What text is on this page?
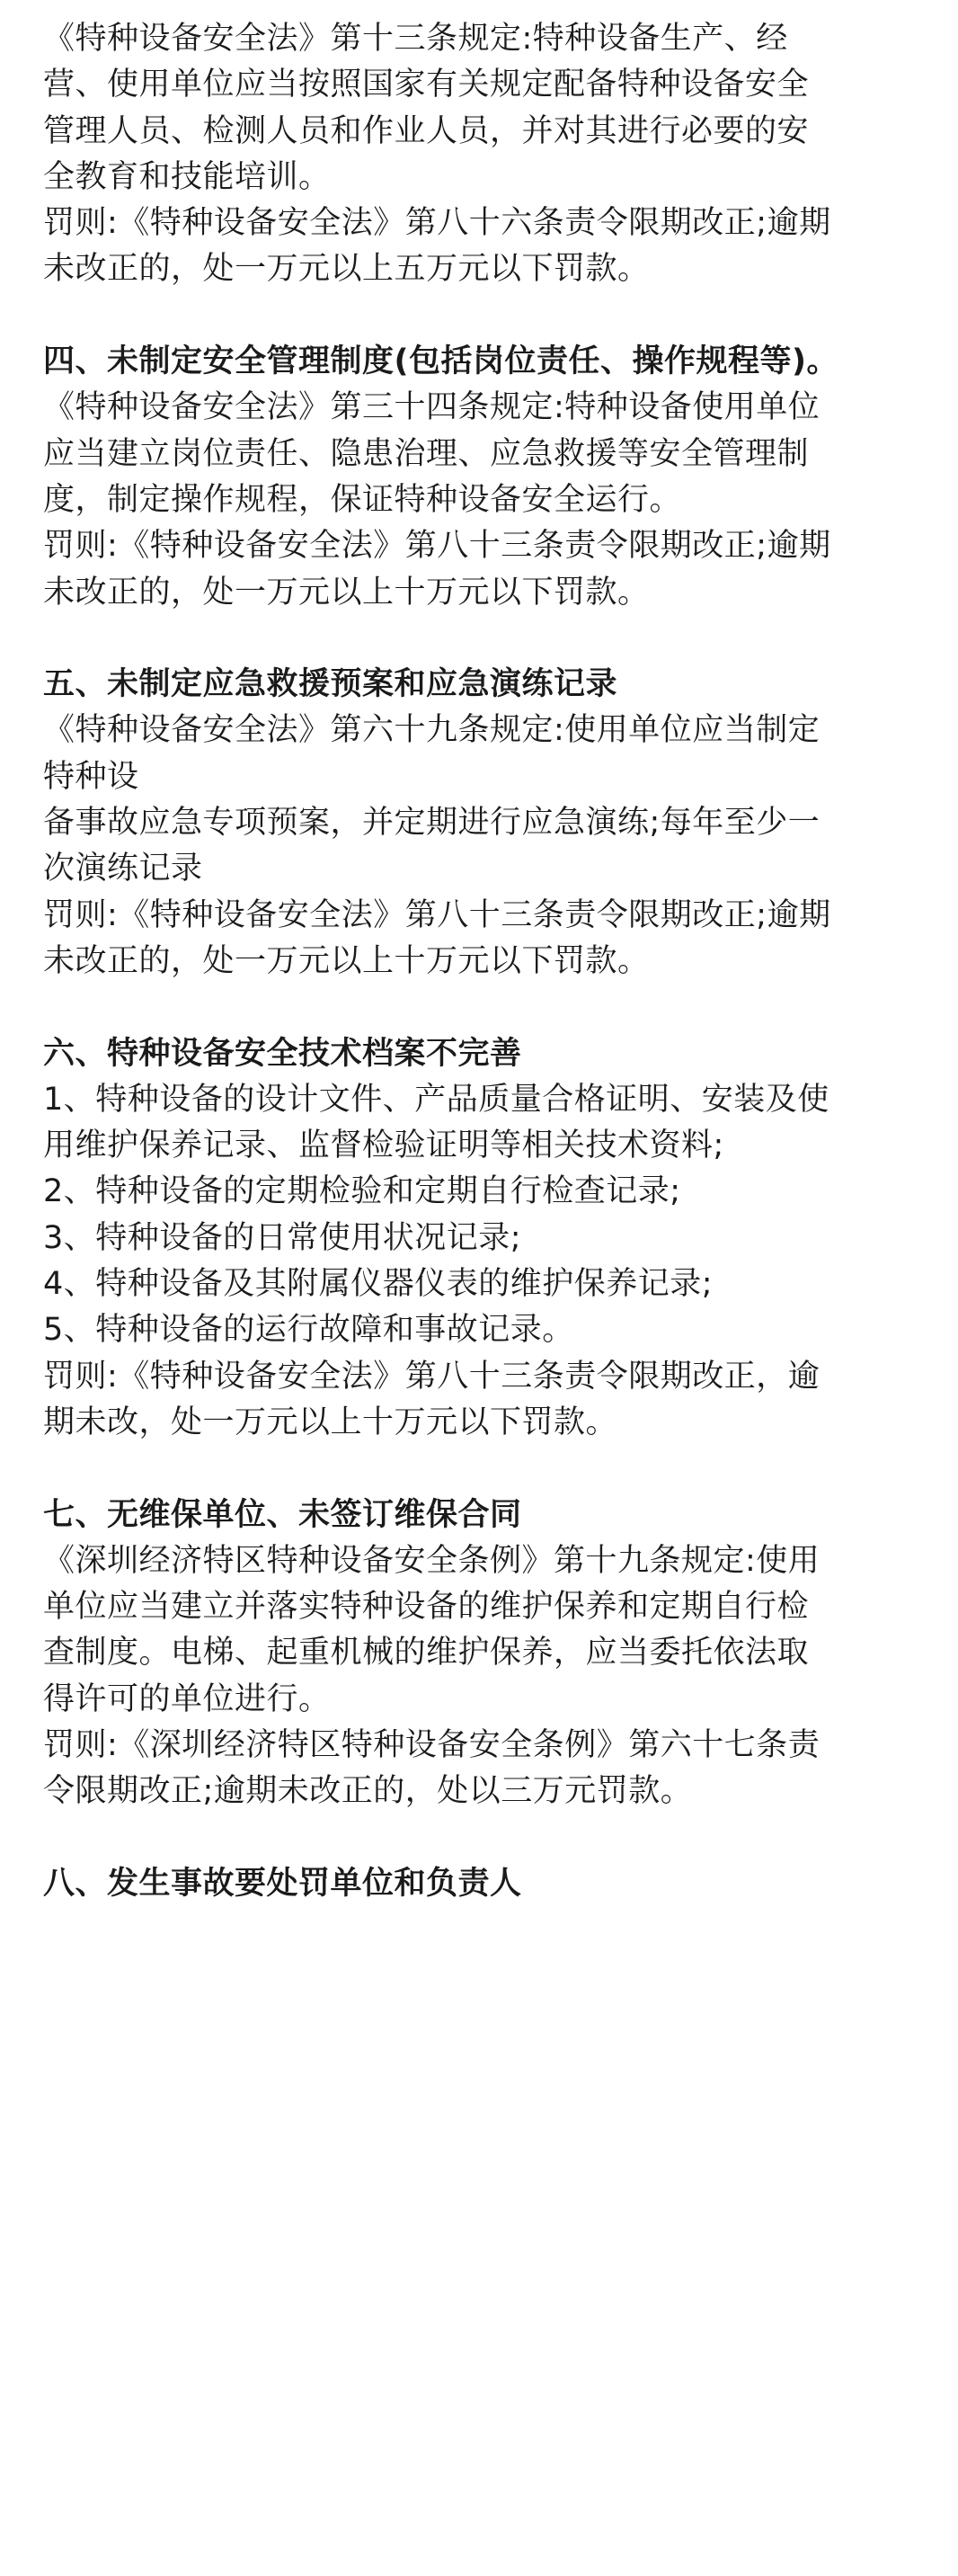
《特种设备安全法》第十三条规定:特种设备生产、经
营、使用单位应当按照国家有关规定配备特种设备安全
管理人员、检测人员和作业人员，并对其进行必要的安
全教育和技能培训。
罚则:《特种设备安全法》第八十六条责令限期改正;逾期
未改正的，处一万元以上五万元以下罚款。
四、未制定安全管理制度(包括岗位责任、操作规程等)。
《特种设备安全法》第三十四条规定:特种设备使用单位
应当建立岗位责任、隐患治理、应急救援等安全管理制
度，制定操作规程，保证特种设备安全运行。
罚则:《特种设备安全法》第八十三条责令限期改正;逾期
未改正的，处一万元以上十万元以下罚款。
五、未制定应急救援预案和应急演练记录
《特种设备安全法》第六十九条规定:使用单位应当制定
特种设
备事故应急专项预案，并定期进行应急演练;每年至少一
次演练记录
罚则:《特种设备安全法》第八十三条责令限期改正;逾期
未改正的，处一万元以上十万元以下罚款。
六、特种设备安全技术档案不完善
1、特种设备的设计文件、产品质量合格证明、安装及使
用维护保养记录、监督检验证明等相关技术资料;
2、特种设备的定期检验和定期自行检查记录;
3、特种设备的日常使用状况记录;
4、特种设备及其附属仪器仪表的维护保养记录;
5、特种设备的运行故障和事故记录。
罚则:《特种设备安全法》第八十三条责令限期改正，逾
期未改，处一万元以上十万元以下罚款。
七、无维保单位、未签订维保合同
《深圳经济特区特种设备安全条例》第十九条规定:使用
单位应当建立并落实特种设备的维护保养和定期自行检
查制度。电梯、起重机械的维护保养，应当委托依法取
得许可的单位进行。
罚则:《深圳经济特区特种设备安全条例》第六十七条责
令限期改正;逾期未改正的，处以三万元罚款。
八、发生事故要处罚单位和负责人
